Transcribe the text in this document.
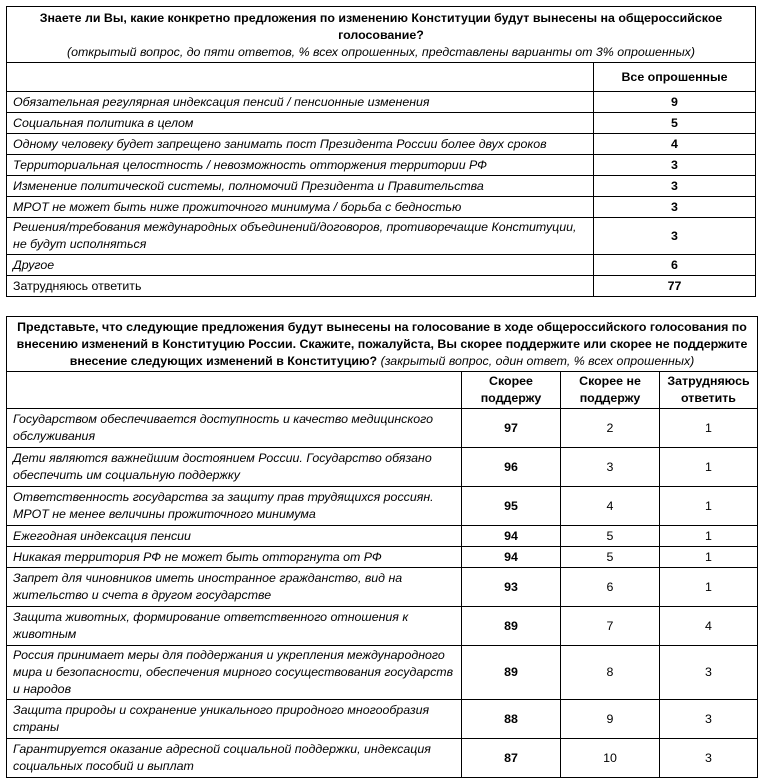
Знаете ли Вы, какие конкретно предложения по изменению Конституции будут вынесены на общероссийское голосование?
(открытый вопрос, до пяти ответов, % всех опрошенных, представлены варианты от 3% опрошенных)	
	Все опрошенные
Обязательная регулярная индексация пенсий / пенсионные изменения	9
Социальная политика в целом	5
Одному человеку будет запрещено занимать пост Президента России более двух сроков	4
Территориальная целостность / невозможность отторжения территории РФ	3
Изменение политической системы, полномочий Президента и Правительства	3
МРОТ не может быть ниже прожиточного минимума / борьба с бедностью	3
Решения/требования международных объединений/договоров, противоречащие Конституции, не будут исполняться	3
Другое	6
Затрудняюсь ответить	77
Представьте, что следующие предложения будут вынесены на голосование в ходе общероссийского голосования по внесению изменений в Конституцию России. Скажите, пожалуйста, Вы скорее поддержите или скорее не поддержите внесение следующих изменений в Конституцию? (закрытый вопрос, один ответ, % всех опрошенных)			
	Скорее поддержу	Скорее не поддержу	Затрудняюсь ответить
Государством обеспечивается доступность и качество медицинского обслуживания	97	2	1
Дети являются важнейшим достоянием России. Государство обязано обеспечить им социальную поддержку	96	3	1
Ответственность государства за защиту прав трудящихся россиян. МРОТ не менее величины прожиточного минимума	95	4	1
Ежегодная индексация пенсии	94	5	1
Никакая территория РФ не может быть отторгнута от РФ	94	5	1
Запрет для чиновников иметь иностранное гражданство, вид на жительство и счета в другом государстве	93	6	1
Защита животных, формирование ответственного отношения к животным	89	7	4
Россия принимает меры для поддержания и укрепления международного мира и безопасности, обеспечения мирного сосуществования государств и народов	89	8	3
Защита природы и сохранение уникального природного многообразия страны	88	9	3
Гарантируется оказание адресной социальной поддержки, индексация социальных пособий и выплат	87	10	3
